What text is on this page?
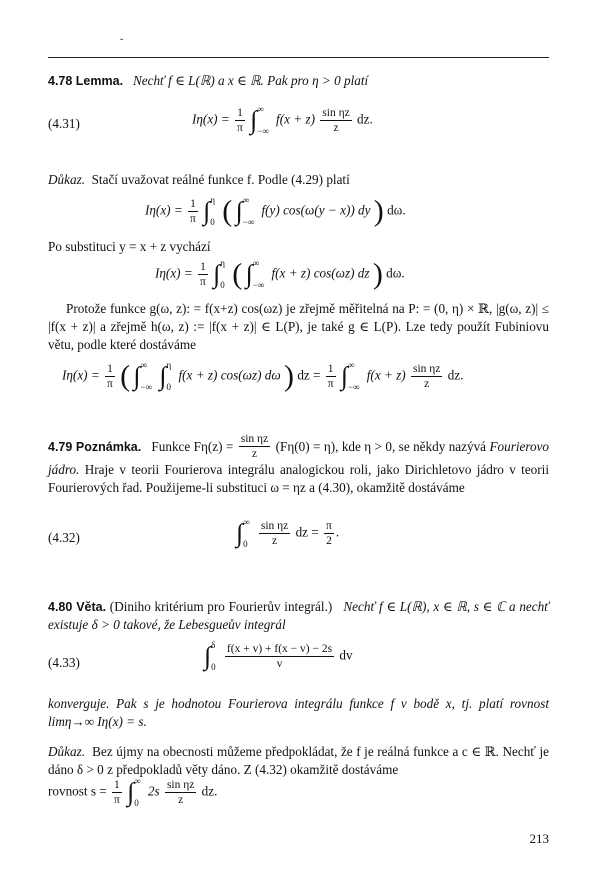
˘
4.78 Lemma. Nechť f ∈ L(ℝ) a x ∈ ℝ. Pak pro η > 0 platí
(4.31)	$I\eta(x) = \frac{1}{\pi}$ ∫∞

−∞ $f(x + z) \frac{\text{sin ηz}}{z}$ dz.
Důkaz. Stačí uvažovat reálné funkce f. Podle (4.29) platí
$I\eta(x) = \frac{1}{\pi} \int\eta$

0 ( ∫∞

−∞ f(y) cos(ω(y − x)) dy ) dω.
Po substituci y = x + z vychází
$I\eta(x) = \frac{1}{\pi} \int\eta$

0 ( ∫∞

−∞ f(x + z) cos(ωz) dz ) dω.
Protože funkce g(ω, z): = f(x+z) cos(ωz) je zřejmě měřitelná na P: = (0, η) × ℝ, |g(ω, z)| ≤ |f(x + z)| a zřejmě h(ω, z) := |f(x + z)| ∈ L(P), je také g ∈ L(P). Lze tedy použít Fubiniovu větu, podle které dostáváme
$I\eta(x) = \frac{1}{\pi}$ ( ∫∞

−∞ ∫η

0 f(x + z) cos(ωz) dω ) dz = $\frac{1}{\pi}$ ∫∞

−∞ $f(x + z) \frac{\text{sin ηz}}{z}$ dz.
4.79 Poznámka. Funkce $F\eta(z) = \frac{\text{sin ηz}}{z} (F\eta(0) = \eta)$, kde η > 0, se někdy nazývá Fourierovo jádro. Hraje v teorii Fourierova integrálu analogickou roli, jako Dirichletovo jádro v teorii Fourierových řad. Použijeme-li substituci ω = ηz a (4.30), okamžitě dostáváme
(4.32)	∫∞

$0 \frac{\text{sin ηz}}{z}$ dz = $\frac{\pi}{2}$ .
4.80 Věta. (Diniho kritérium pro Fourierův integrál.) Nechť f ∈ L(ℝ), x ∈ ℝ, s ∈ ℂ a nechť existuje δ > 0 takové, že Lebesgueův integrál
(4.33)	∫δ

$0 \frac{f(x + v) + f(x - v) - 2s}{v}$ dv
konverguje. Pak s je hodnotou Fourierova integrálu funkce f v bodě x, tj. platí rovnost limη→∞ Iη(x) = s.
Důkaz. Bez újmy na obecnosti můžeme předpokládat, že f je reálná funkce a c ∈ ℝ. Nechť je dáno δ > 0 z předpokladů věty dáno. Z (4.32) okamžitě dostáváme
rovnost $s = \frac{1}{\pi}$ ∫∞

0 $2s \frac{\text{sin ηz}}{z}$ dz.
213
